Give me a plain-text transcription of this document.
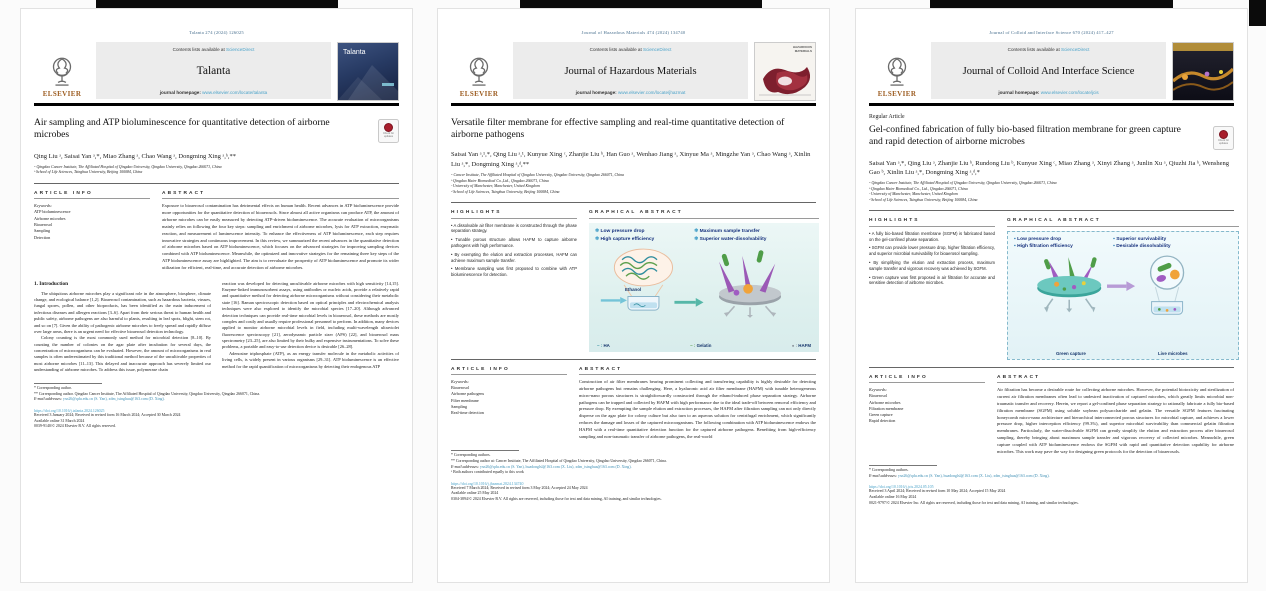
Talanta 274 (2024) 126025
ELSEVIER
Contents lists available at ScienceDirect
Talanta
journal homepage: www.elsevier.com/locate/talanta
Talanta
Air sampling and ATP bioluminescence for quantitative detection of airborne microbes	Check for updates
Qing Liu ᵃ, Saisai Yan ᵃ,*, Miao Zhang ᵃ, Chao Wang ᵃ, Dongming Xing ᵃ,ᵇ,**
ᵃ Qingdao Cancer Institute, The Affiliated Hospital of Qingdao University, Qingdao University, Qingdao 266071, China
ᵇ School of Life Sciences, Tsinghua University, Beijing 100084, China
ARTICLE INFO
Keywords:
ATP bioluminescence
Airborne microbes
Bioaerosol
Sampling
Detection
ABSTRACT

Exposure to bioaerosol contamination has detrimental effects on human health. Recent advances in ATP bioluminescence provide more opportunities for the quantitative detection of bioaerosols. Since almost all active organisms can produce ATP, the amount of airborne microbes can be easily measured by detecting ATP-driven bioluminescence. The accurate evaluation of microorganisms mainly relies on following the four key steps: sampling and enrichment of airborne microbes, lysis for ATP extraction, enzymatic reaction, and measurement of luminescence intensity. To enhance the effectiveness of ATP bioluminescence, each step requires innovative strategies and continuous improvement. In this review, we summarized the recent advances in the quantitative detection of airborne microbes based on ATP bioluminescence, which focuses on the advanced strategies for improving sampling devices combined with ATP bioluminescence. Meanwhile, the optimized and innovative strategies for the remaining three key steps of the ATP bioluminescence assay are highlighted. The aim is to reevaluate the prosperity of ATP bioluminescence and promote its wider utilization for efficient, real-time, and accurate detection of airborne microbes.

1. Introduction

The ubiquitous airborne microbes play a significant role in the atmosphere, biosphere, climate change, and ecological balance [1,2]. Bioaerosol contamination, such as hazardous bacteria, viruses, fungal spores, pollen, and other bioproducts, has been identified as the main inducement of infectious diseases and allergen reactions [3–6]. Apart from their serious threat to human health and public safety, airborne pathogens are also harmful to plants, resulting in leaf spots, blight, stem rot, and so on [7]. Given the ability of pathogenic airborne microbes to freely spread and rapidly diffuse over large areas, there is an urgent need for effective bioaerosol detection technology.

Colony counting is the most commonly used method for microbial detection [8–10]. By counting the number of colonies on the agar plate after incubation for several days, the concentration of microorganisms can be evaluated. However, the amount of microorganisms in real samples is often underestimated by this traditional method because of the uncultivable properties of most airborne microbes [11–13]. This delayed and inaccurate approach has severely limited our understanding of airborne microbes. To address this issue, polymerase chain

reaction was developed for detecting uncultivable airborne microbes with high sensitivity [14,15]. Enzyme-linked immunosorbent assays, using antibodies or nucleic acids, provide a relatively rapid and quantitative method for detecting airborne microorganisms without considering their metabolic state [16]. Raman spectroscopic detection based on optical principles and electrochemical analysis techniques were also explored to identify the microbial species [17–20]. Although advanced detection techniques can provide real-time microbial levels in bioaerosol, these methods are mostly complex and costly and usually require professional personnel to perform. In addition, many devices applied to monitor airborne microbial levels in field, including multi-wavelength ultraviolet fluorescence spectroscopy [21], aerodynamic particle sizer (APS) [22], and bioaerosol mass spectrometry [23–25], are also limited by their bulky and expensive instrumentations. To solve these problems, a portable and easy-to-use detection device is desirable [26–28].

Adenosine triphosphate (ATP), as an energy transfer molecule in the metabolic activities of living cells, is widely present in various organisms [29–31]. ATP bioluminescence is an effective method for the rapid quantification of microorganisms by detecting their endogenous ATP

* Corresponding author.
** Corresponding author. Qingdao Cancer Institute, The Affiliated Hospital of Qingdao University, Qingdao University, Qingdao 266071, China.
E-mail addresses: ysn26@qdu.edu.cn (S. Yan), xdm_tsinghua@163.com (D. Xing).
https://doi.org/10.1016/j.talanta.2024.126025
Received 3 January 2024; Received in revised form 16 March 2024; Accepted 30 March 2024
Available online 31 March 2024
0039-9140/© 2024 Elsevier B.V. All rights reserved.
Journal of Hazardous Materials 474 (2024) 134740
ELSEVIER
Contents lists available at ScienceDirect
Journal of Hazardous Materials
journal homepage: www.elsevier.com/locate/jhazmat
HAZARDOUS MATERIALS
Versatile filter membrane for effective sampling and real-time quantitative detection of airborne pathogens
Saisai Yan ᵃ,¹,*, Qing Liu ᵃ,¹, Kunyue Xing ᶜ, Zhanjie Liu ᵇ, Han Guo ᵃ, Wenhao Jiang ᵃ, Xinyue Ma ᵃ, Mingzhe Yan ᵃ, Chao Wang ᵃ, Xinlin Liu ᵃ,*, Dongming Xing ᵃ,ᵈ,**
ᵃ Cancer Institute, The Affiliated Hospital of Qingdao University, Qingdao University, Qingdao 266071, China
ᵇ Qingdao Haier Biomedical Co.,Ltd., Qingdao 266071, China
ᶜ University of Manchester, Manchester, United Kingdom
ᵈ School of Life Sciences, Tsinghua University, Beijing 100084, China
HIGHLIGHTS
• A dissolvable air filter membrane is constructed through the phase separation strategy.
• Tunable porous structure allows HAFM to capture airborne pathogens with high performance.
• By exempting the elution and extraction processes, HAFM can achieve maximum sample transfer.
• Membrane sampling was first proposed to combine with ATP bioluminescence for detection.
GRAPHICAL ABSTRACT
❄ Low pressure drop	❄ Maximum sample transfer
❄ High capture efficiency	❄ Superior water-dissolvability
Ethanol
~ : HA	~ : Gelatin	● : HAFM
ARTICLE INFO
Keywords:
Bioaerosol
Airborne pathogens
Filter membrane
Sampling
Real-time detection
ABSTRACT

Construction of air filter membranes bearing prominent collecting and transferring capability is highly desirable for detecting airborne pathogens but remains challenging. Here, a hyaluronic acid air filter membrane (HAFM) with tunable heterogeneous micro-nano porous structures is straightforwardly constructed through the ethanol-induced phase separation strategy. Airborne pathogens can be trapped and collected by HAFM with high performance due to the ideal trade-off between removal efficiency and pressure drop. By exempting the sample elution and extraction processes, the HAFM after filtration sampling can not only directly disperse on the agar plate for colony culture but also turn to an aqueous solution for centrifugal enrichment, which significantly reduces the damage and losses of the captured microorganisms. The following combination with ATP bioluminescence endows the HAFM with a real-time quantitative detection function for the captured airborne pathogens. Benefiting from high-efficiency sampling and non-traumatic transfer of airborne pathogens, the real-world

* Corresponding authors.
** Corresponding author at: Cancer Institute, The Affiliated Hospital of Qingdao University, Qingdao University, Qingdao 266071, China.
E-mail addresses: ysn26@qdu.edu.cn (S. Yan), huadonglsl@163.com (X. Liu), xdm_tsinghua@163.com (D. Xing).
¹ Both authors contributed equally to this work
https://doi.org/10.1016/j.jhazmat.2024.134740
Received 7 March 2024; Received in revised form 3 May 2024; Accepted 24 May 2024
Available online 25 May 2024
0304-3894/© 2024 Elsevier B.V. All rights are reserved, including those for text and data mining, AI training, and similar technologies.
Journal of Colloid and Interface Science 670 (2024) 417–427
ELSEVIER
Contents lists available at ScienceDirect
Journal of Colloid And Interface Science
journal homepage: www.elsevier.com/locate/jcis
Regular Article
Gel-confined fabrication of fully bio-based filtration membrane for green capture and rapid detection of airborne microbes	Check for updates
Saisai Yan ᵃ,*, Qing Liu ᵃ, Zhanjie Liu ᵇ, Rundong Liu ᵇ, Kunyue Xing ᶜ, Miao Zhang ᵃ, Xinyi Zhang ᵃ, Junlin Xu ᵃ, Qiuzhi Jia ᵇ, Wensheng Gao ᵇ, Xinlin Liu ᵃ,*, Dongming Xing ᵃ,ᵈ,*
ᵃ Qingdao Cancer Institute, The Affiliated Hospital of Qingdao University, Qingdao University, Qingdao 266071, China
ᵇ Qingdao Haier Biomedical Co., Ltd., Qingdao 266071, China
ᶜ University of Manchester, Manchester, United Kingdom
ᵈ School of Life Sciences, Tsinghua University, Beijing 100084, China
HIGHLIGHTS
• A fully bio-based filtration membrane (SGFM) is fabricated based on the gel-confined phase separation.
• SGFM can provide lower pressure drop, higher filtration efficiency, and superior microbial survivability for bioaerosol sampling.
• By simplifying the elution and extraction process, maximum sample transfer and vigorous recovery was achieved by SGFM.
• Green capture was first proposed in air filtration for accurate and sensitive detection of airborne microbes.
GRAPHICAL ABSTRACT
▪ Low pressure drop	▪ Superior survivability
▪ High filtration efficiency	▪ Desirable dissolvability
Green capture	Live microbes
ARTICLE INFO
Keywords:
Bioaerosol
Airborne microbes
Filtration membrane
Green capture
Rapid detection
ABSTRACT

Air filtration has become a desirable route for collecting airborne microbes. However, the potential biotoxicity and sterilization of current air filtration membranes often lead to undesired inactivation of captured microbes, which greatly limits microbial non-traumatic transfer and recovery. Herein, we report a gel-confined phase separation strategy to rationally fabricate a fully bio-based filtration membrane (SGFM) using soluble soybean polysaccharide and gelatin. The versatile SGFM features fascinating honeycomb micro-nano architecture and hierarchical interconnected porous structures for microbial capture, and achieves a lower pressure drop, higher interception efficiency (99.3%), and superior microbial survivability than commercial gelatin filtration membranes. Particularly, the water-dissolvable SGFM can greatly simplify the elution and extraction process after bioaerosol sampling, thereby bringing about maximum sample transfer and vigorous recovery of collected microbes. Meanwhile, green capture coupled with ATP bioluminescence endows the SGFM with rapid and quantitative detection capability for airborne microbes. This work may pave the way for designing green protocols for the detection of bioaerosols.

* Corresponding authors.
E-mail addresses: ysn26@qdu.edu.cn (S. Yan), huadonglsl@163.com (X. Liu), xdm_tsinghua@163.com (D. Xing).
https://doi.org/10.1016/j.jcis.2024.05.105
Received 3 April 2024; Received in revised form 10 May 2024; Accepted 15 May 2024
Available online 16 May 2024
0021-9797/© 2024 Elsevier Inc. All rights are reserved, including those for text and data mining, AI training, and similar technologies.
